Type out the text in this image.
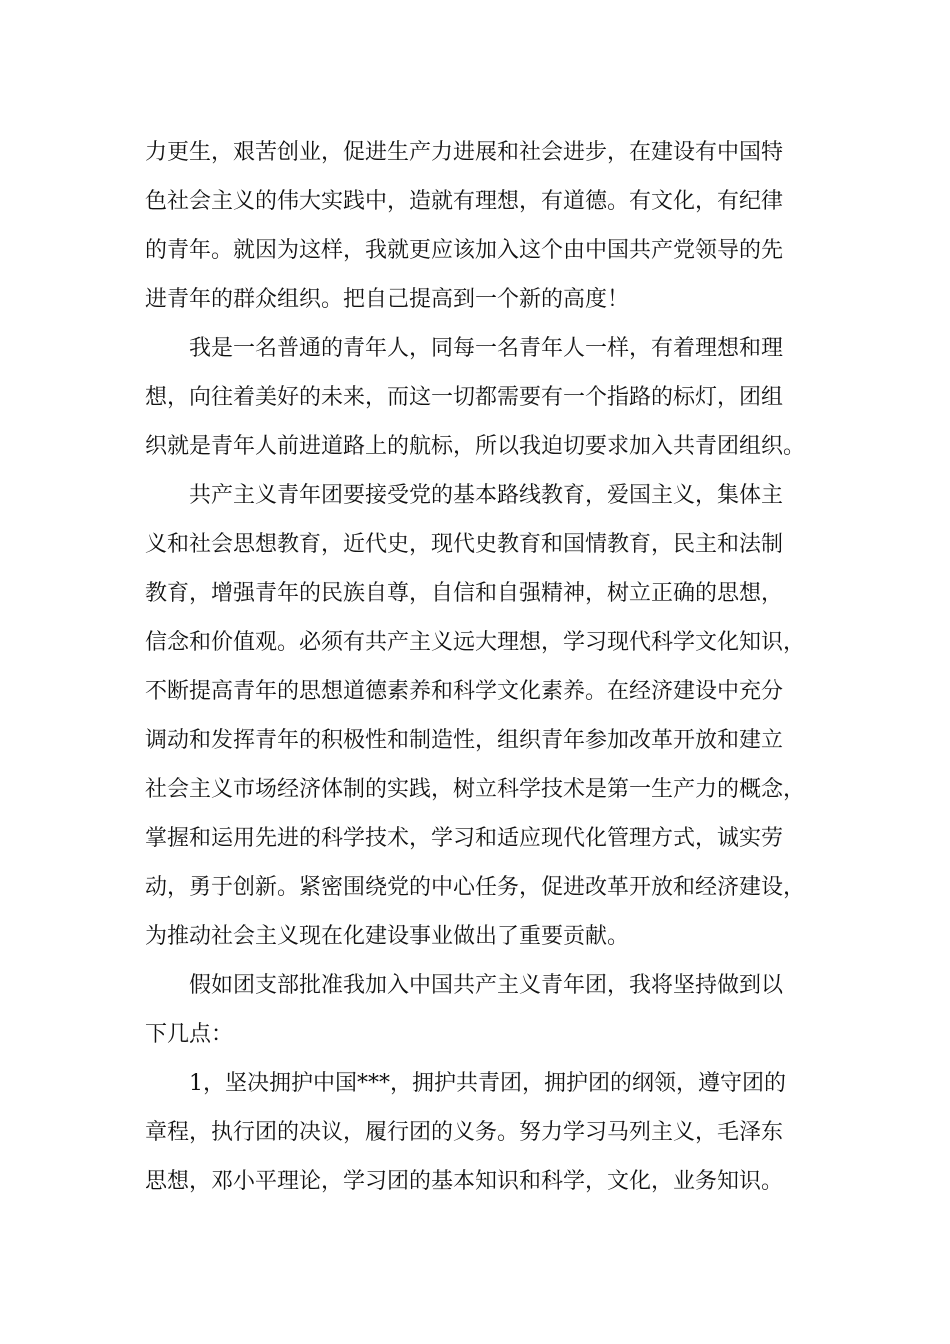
力更生，艰苦创业，促进生产力进展和社会进步，在建设有中国特
色社会主义的伟大实践中，造就有理想，有道德。有文化，有纪律
的青年。就因为这样，我就更应该加入这个由中国共产党领导的先
进青年的群众组织。把自己提高到一个新的高度！
我是一名普通的青年人，同每一名青年人一样，有着理想和理
想，向往着美好的未来，而这一切都需要有一个指路的标灯，团组
织就是青年人前进道路上的航标，所以我迫切要求加入共青团组织。
共产主义青年团要接受党的基本路线教育，爱国主义，集体主
义和社会思想教育，近代史，现代史教育和国情教育，民主和法制
教育，增强青年的民族自尊，自信和自强精神，树立正确的思想，
信念和价值观。必须有共产主义远大理想，学习现代科学文化知识，
不断提高青年的思想道德素养和科学文化素养。在经济建设中充分
调动和发挥青年的积极性和制造性，组织青年参加改革开放和建立
社会主义市场经济体制的实践，树立科学技术是第一生产力的概念，
掌握和运用先进的科学技术，学习和适应现代化管理方式，诚实劳
动，勇于创新。紧密围绕党的中心任务，促进改革开放和经济建设，
为推动社会主义现在化建设事业做出了重要贡献。
假如团支部批准我加入中国共产主义青年团，我将坚持做到以
下几点：
1，坚决拥护中国***，拥护共青团，拥护团的纲领，遵守团的
章程，执行团的决议，履行团的义务。努力学习马列主义，毛泽东
思想，邓小平理论，学习团的基本知识和科学，文化，业务知识。
